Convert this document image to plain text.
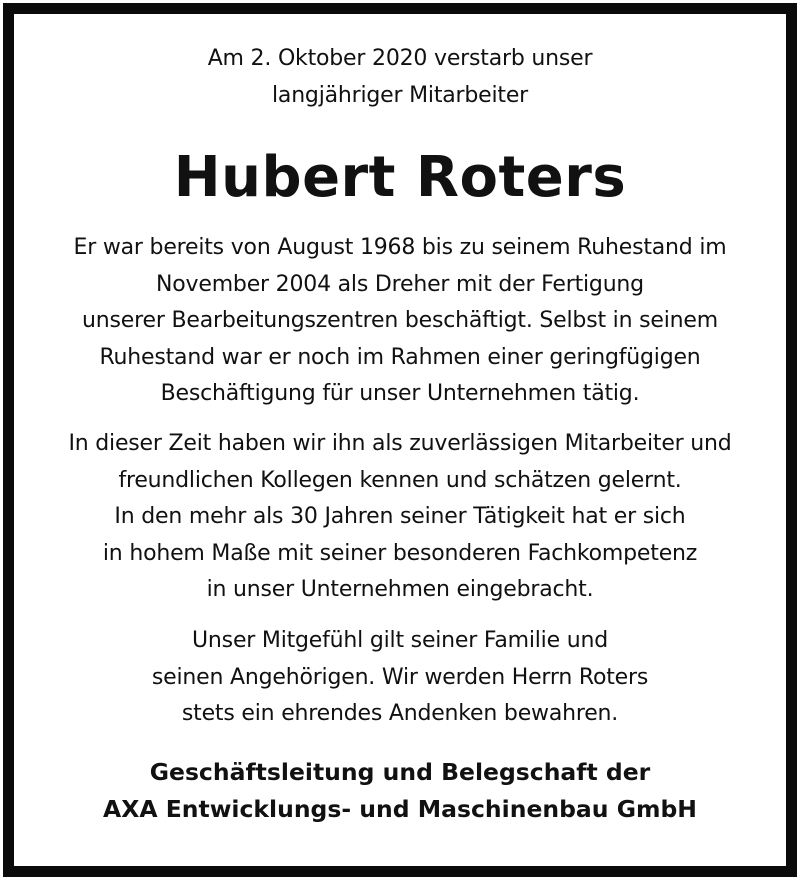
Am 2. Oktober 2020 verstarb unser
langjähriger Mitarbeiter
Hubert Roters
Er war bereits von August 1968 bis zu seinem Ruhestand im
November 2004 als Dreher mit der Fertigung
unserer Bearbeitungszentren beschäftigt. Selbst in seinem
Ruhestand war er noch im Rahmen einer geringfügigen
Beschäftigung für unser Unternehmen tätig.
In dieser Zeit haben wir ihn als zuverlässigen Mitarbeiter und
freundlichen Kollegen kennen und schätzen gelernt.
In den mehr als 30 Jahren seiner Tätigkeit hat er sich
in hohem Maße mit seiner besonderen Fachkompetenz
in unser Unternehmen eingebracht.
Unser Mitgefühl gilt seiner Familie und
seinen Angehörigen. Wir werden Herrn Roters
stets ein ehrendes Andenken bewahren.
Geschäftsleitung und Belegschaft der
AXA Entwicklungs- und Maschinenbau GmbH
